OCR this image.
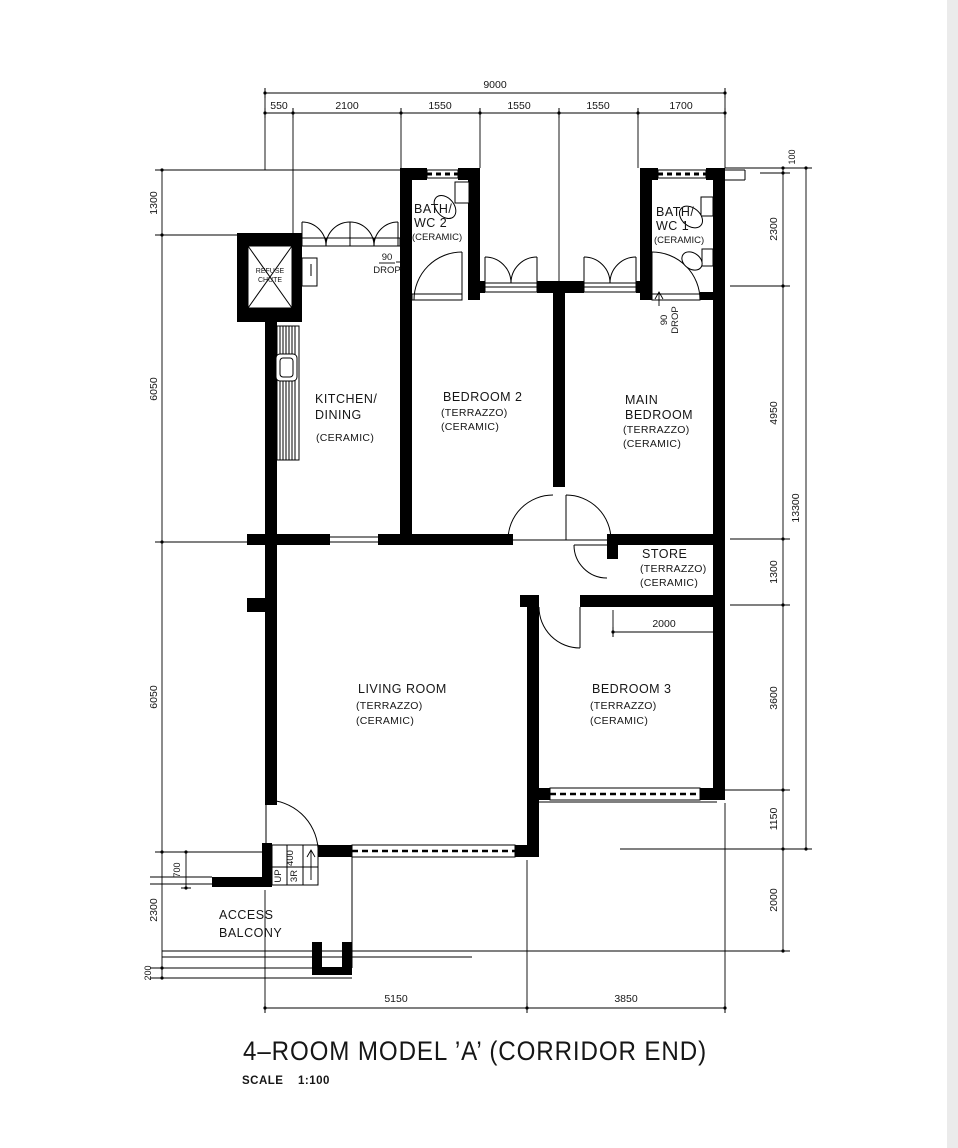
9000
550	2100	1550	1550	1550	1700
1300
6050
6050
2300
200
700
100
2300
4950
1300
3600
1150
2000
13300
2000
5150	3850
BATH/
WC 2
(CERAMIC)
BATH/
WC 1
(CERAMIC)
KITCHEN/
DINING
(CERAMIC)
BEDROOM 2
(TERRAZZO)
(CERAMIC)
MAIN
BEDROOM
(TERRAZZO)
(CERAMIC)
STORE
(TERRAZZO)
(CERAMIC)
LIVING ROOM
(TERRAZZO)
(CERAMIC)
BEDROOM 3
(TERRAZZO)
(CERAMIC)
ACCESS
BALCONY
REFUSE
CHUTE
90
DROP
90 DROP
400
UP 3R
4–ROOM MODEL ’A’ (CORRIDOR END)
SCALE 1:100
